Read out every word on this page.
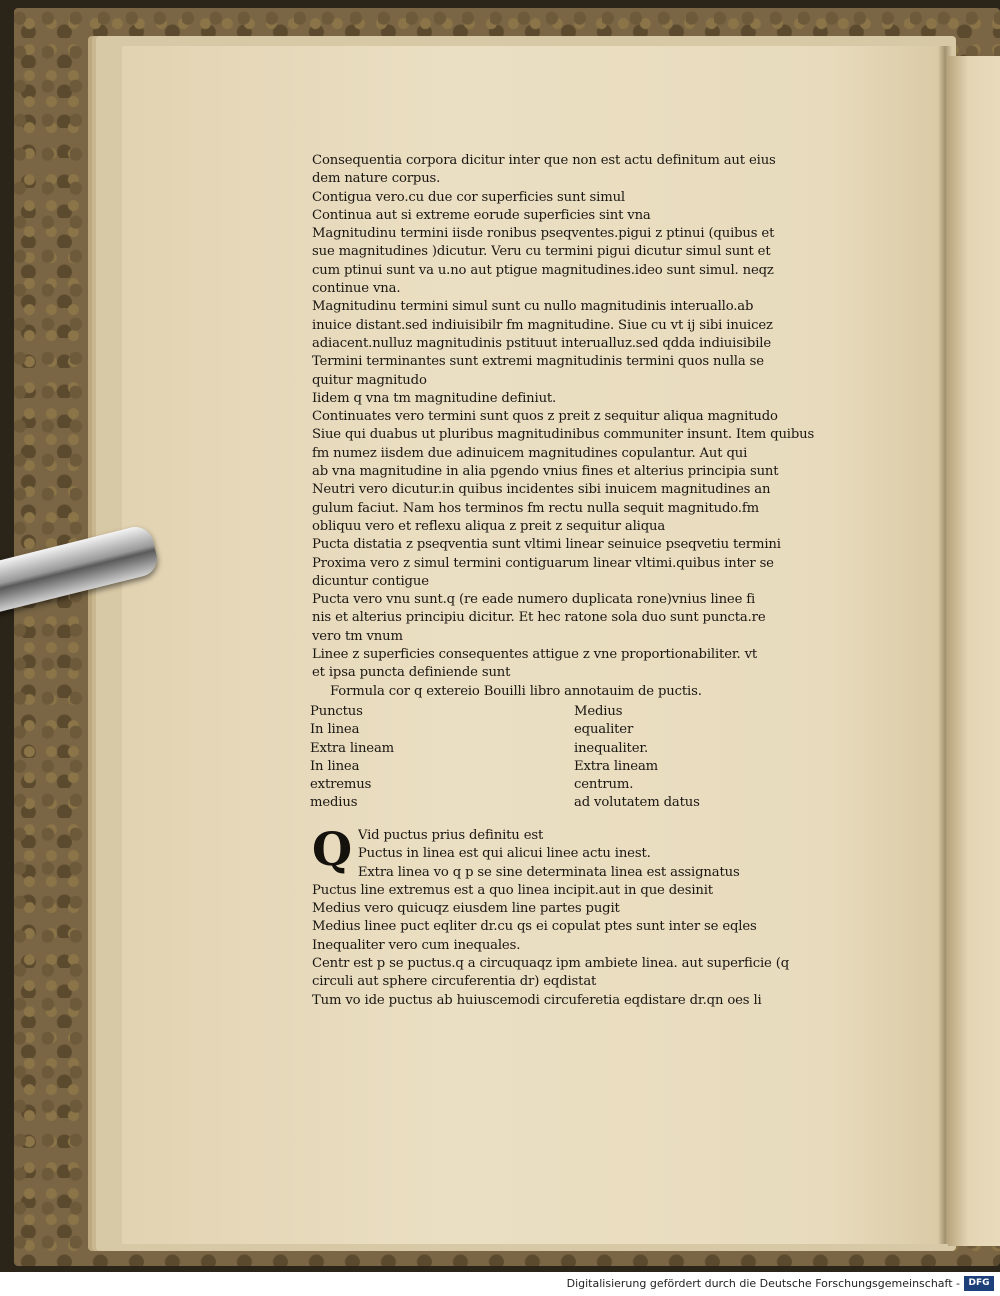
Consequentia corpora dicitur inter que non est actu definitum aut eius
dem nature corpus.
Contigua vero.cu due cor superficies sunt simul
Continua aut si extreme eorude superficies sint vna
Magnitudinu termini iisde ronibus pseqventes.pigui z ptinui (quibus et
sue magnitudines )dicutur. Veru cu termini pigui dicutur simul sunt et
cum ptinui sunt va u.no aut ptigue magnitudines.ideo sunt simul. neqz
continue vna.
Magnitudinu termini simul sunt cu nullo magnitudinis interuallo.ab
inuice distant.sed indiuisibilr fm magnitudine. Siue cu vt ij sibi inuicez
adiacent.nulluz magnitudinis pstituut interualluz.sed qdda indiuisibile
Termini terminantes sunt extremi magnitudinis termini quos nulla se
quitur magnitudo
Iidem q vna tm magnitudine definiut.
Continuates vero termini sunt quos z preit z sequitur aliqua magnitudo
Siue qui duabus ut pluribus magnitudinibus communiter insunt. Item quibus
fm numez iisdem due adinuicem magnitudines copulantur. Aut qui
ab vna magnitudine in alia pgendo vnius fines et alterius principia sunt
Neutri vero dicutur.in quibus incidentes sibi inuicem magnitudines an
gulum faciut. Nam hos terminos fm rectu nulla sequit magnitudo.fm
obliquu vero et reflexu aliqua z preit z sequitur aliqua
Pucta distatia z pseqventia sunt vltimi linear seinuice pseqvetiu termini
Proxima vero z simul termini contiguarum linear vltimi.quibus inter se
dicuntur contigue
Pucta vero vnu sunt.q (re eade numero duplicata rone)vnius linee fi
nis et alterius principiu dicitur. Et hec ratone sola duo sunt puncta.re
vero tm vnum
Linee z superficies consequentes attigue z vne proportionabiliter. vt
et ipsa puncta definiende sunt
Formula cor q extereio Bouilli libro annotauim de puctis.
Punctus
In linea
Extra lineam
In linea
extremus
medius
Medius
equaliter
inequaliter.
Extra lineam
centrum.
ad volutatem datus
Q Vid puctus prius definitu est
Puctus in linea est qui alicui linee actu inest.
Extra linea vo q p se sine determinata linea est assignatus
Puctus line extremus est a quo linea incipit.aut in que desinit
Medius vero quicuqz eiusdem line partes pugit
Medius linee puct eqliter dr.cu qs ei copulat ptes sunt inter se eqles
Inequaliter vero cum inequales.
Centr est p se puctus.q a circuquaqz ipm ambiete linea. aut superficie (q
circuli aut sphere circuferentia dr) eqdistat
Tum vo ide puctus ab huiuscemodi circuferetia eqdistare dr.qn oes li
Digitalisierung gefördert durch die Deutsche Forschungsgemeinschaft - DFG
